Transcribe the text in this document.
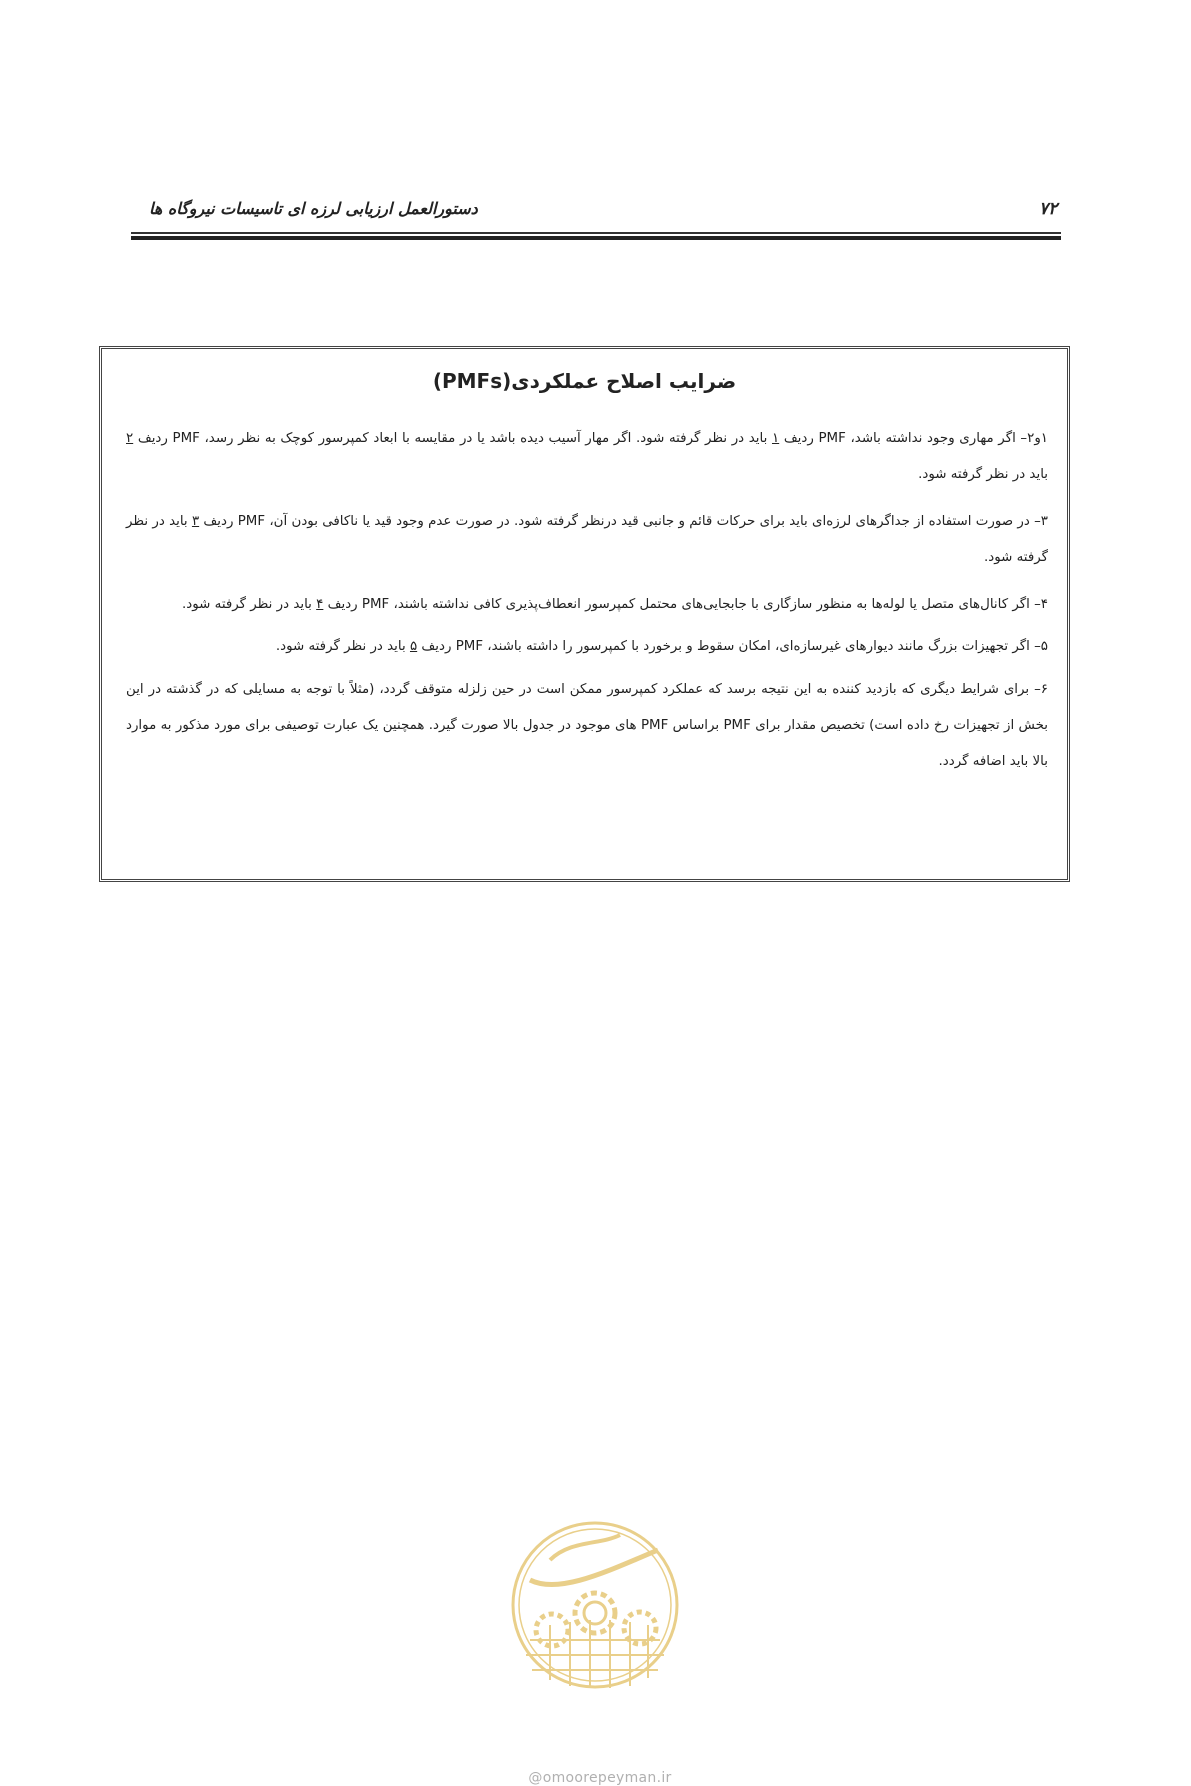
۷۲
دستورالعمل ارزیابی لرزه ای تاسیسات نیروگاه ها
ضرایب اصلاح عملکردی(PMFs)
۱و۲– اگر مهاری وجود نداشته باشد، PMF ردیف ۱ باید در نظر گرفته شود. اگر مهار آسیب دیده باشد یا در مقایسه با ابعاد کمپرسور کوچک به نظر رسد، PMF ردیف ۲ باید در نظر گرفته شود.
۳– در صورت استفاده از جداگرهای لرزه‌ای باید برای حرکات قائم و جانبی قید درنظر گرفته شود. در صورت عدم وجود قید یا ناکافی بودن آن، PMF ردیف ۳ باید در نظر گرفته شود.
۴– اگر کانال‌های متصل یا لوله‌ها به منظور سازگاری با جابجایی‌های محتمل کمپرسور انعطاف‌پذیری کافی نداشته باشند، PMF ردیف ۴ باید در نظر گرفته شود.
۵– اگر تجهیزات بزرگ مانند دیوارهای غیرسازه‌ای، امکان سقوط و برخورد با کمپرسور را داشته باشند، PMF ردیف ۵ باید در نظر گرفته شود.
۶– برای شرایط دیگری که بازدید کننده به این نتیجه برسد که عملکرد کمپرسور ممکن است در حین زلزله متوقف گردد، (مثلاً با توجه به مسایلی که در گذشته در این بخش از تجهیزات رخ داده است) تخصیص مقدار برای PMF براساس PMF های موجود در جدول بالا صورت گیرد. همچنین یک عبارت توصیفی برای مورد مذکور به موارد بالا باید اضافه گردد.
@omoorepeyman.ir
